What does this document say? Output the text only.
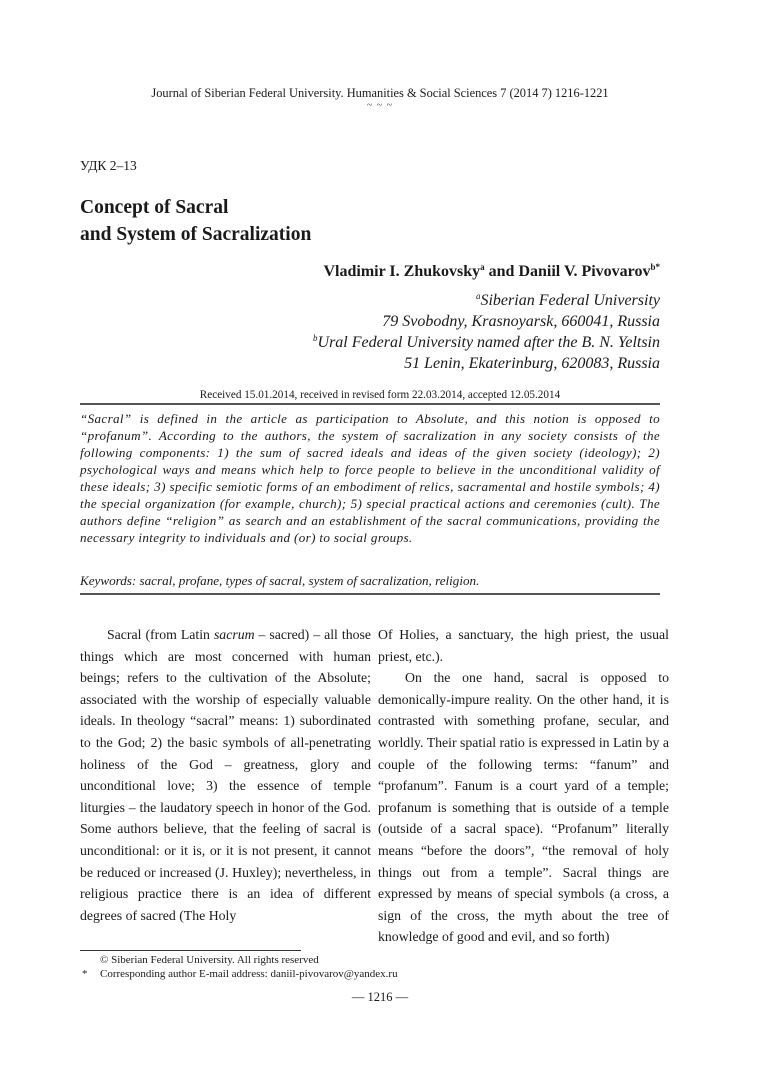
Journal of Siberian Federal University. Humanities & Social Sciences 7 (2014 7) 1216-1221
~ ~ ~
УДК 2–13
Concept of Sacral
and System of Sacralization
Vladimir I. Zhukovsky$^a$ and Daniil V. Pivovarov$^{b*}$
$^a$Siberian Federal University
79 Svobodny, Krasnoyarsk, 660041, Russia
$^b$Ural Federal University named after the B. N. Yeltsin
51 Lenin, Ekaterinburg, 620083, Russia
Received 15.01.2014, received in revised form 22.03.2014, accepted 12.05.2014
“Sacral” is defined in the article as participation to Absolute, and this notion is opposed to “profanum”. According to the authors, the system of sacralization in any society consists of the following components: 1) the sum of sacred ideals and ideas of the given society (ideology); 2) psychological ways and means which help to force people to believe in the unconditional validity of these ideals; 3) specific semiotic forms of an embodiment of relics, sacramental and hostile symbols; 4) the special organization (for example, church); 5) special practical actions and ceremonies (cult). The authors define “religion” as search and an establishment of the sacral communications, providing the necessary integrity to individuals and (or) to social groups.
Keywords: sacral, profane, types of sacral, system of sacralization, religion.

Sacral (from Latin sacrum – sacred) – all those things which are most concerned with human beings; refers to the cultivation of the Absolute; associated with the worship of especially valuable ideals. In theology “sacral” means: 1) subordinated to the God; 2) the basic symbols of all-penetrating holiness of the God – greatness, glory and unconditional love; 3) the essence of temple liturgies – the laudatory speech in honor of the God. Some authors believe, that the feeling of sacral is unconditional: or it is, or it is not present, it cannot be reduced or increased (J. Huxley); nevertheless, in religious practice there is an idea of different degrees of sacred (The Holy

Of Holies, a sanctuary, the high priest, the usual priest, etc.).

On the one hand, sacral is opposed to demonically-impure reality. On the other hand, it is contrasted with something profane, secular, and worldly. Their spatial ratio is expressed in Latin by a couple of the following terms: “fanum” and “profanum”. Fanum is a court yard of a temple; profanum is something that is outside of a temple (outside of a sacral space). “Profanum” literally means “before the doors”, “the removal of holy things out from a temple”. Sacral things are expressed by means of special symbols (a cross, a sign of the cross, the myth about the tree of knowledge of good and evil, and so forth)

© Siberian Federal University. All rights reserved
* Corresponding author E-mail address: daniil-pivovarov@yandex.ru
— 1216 —
